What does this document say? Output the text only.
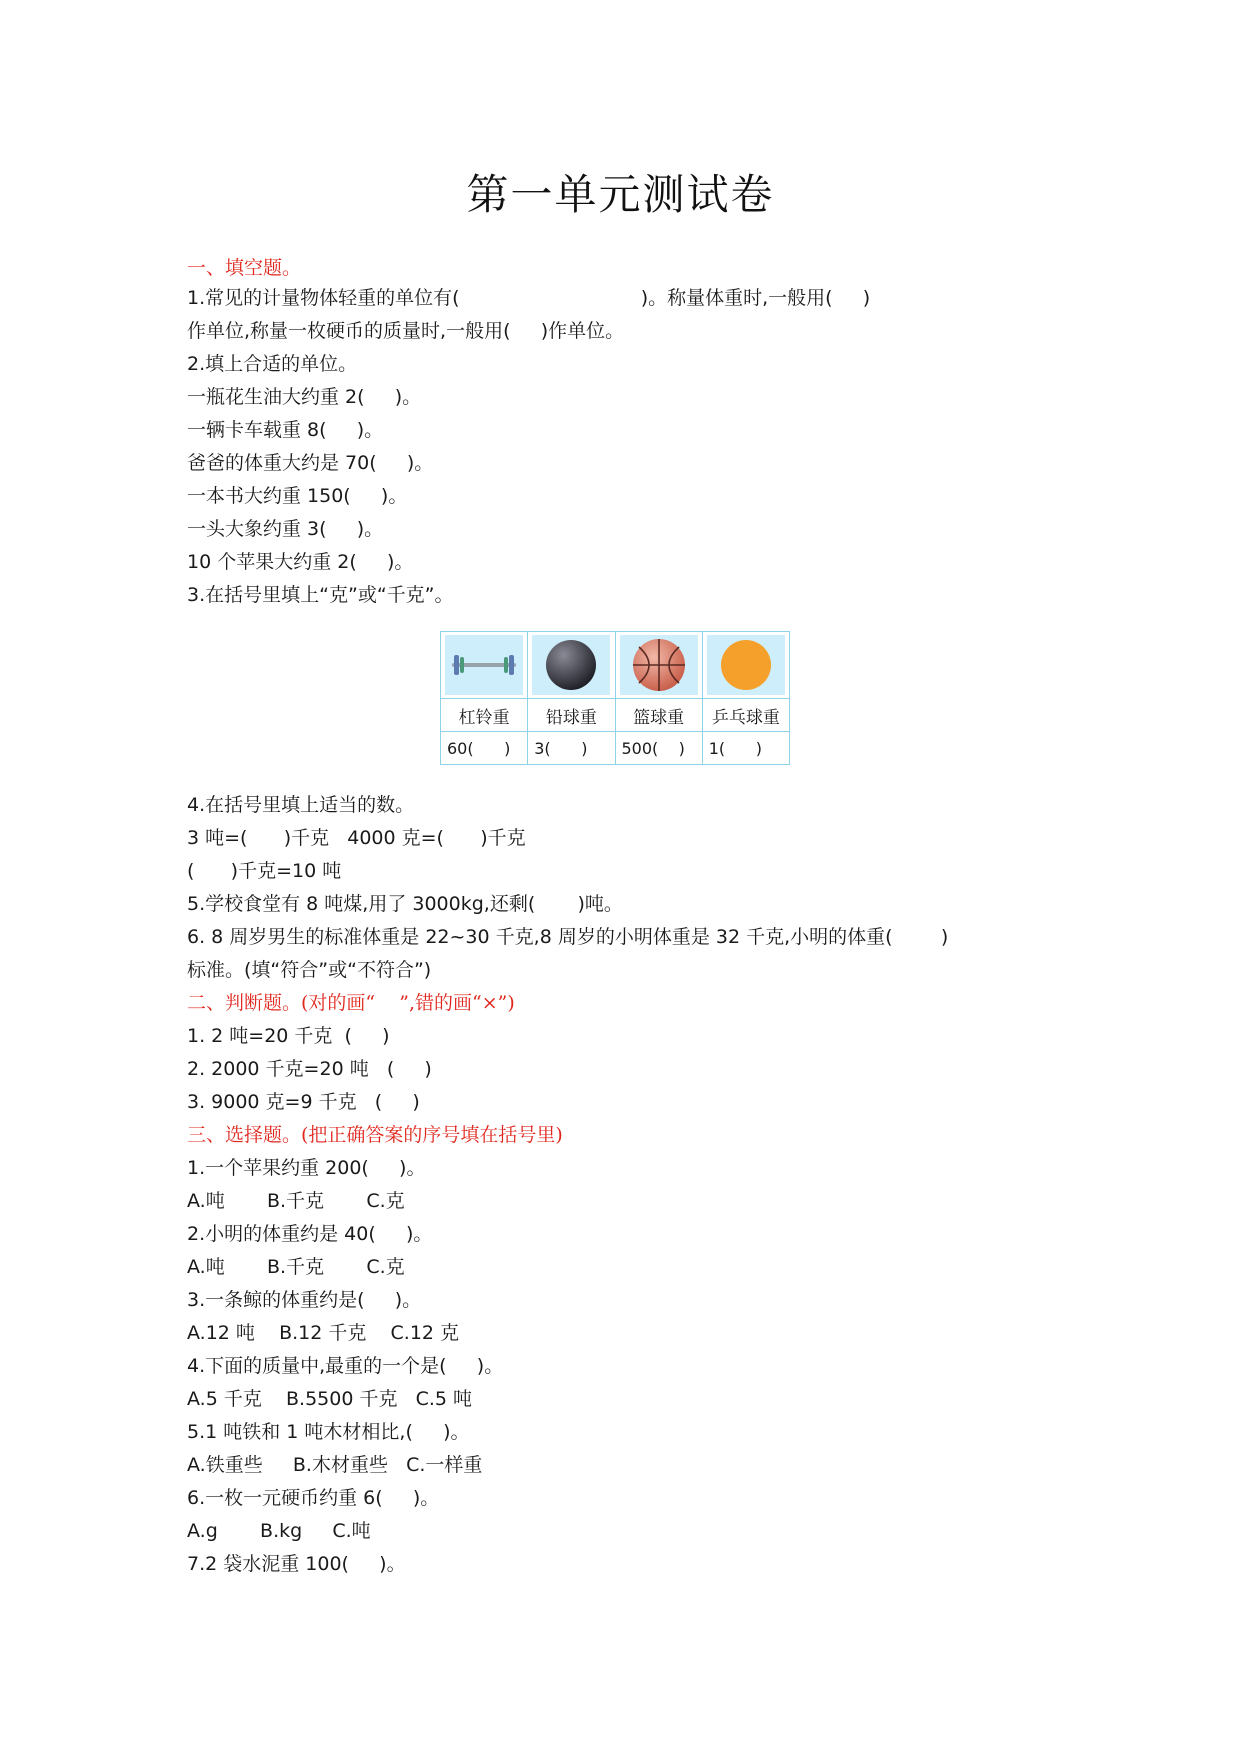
第一单元测试卷
一、填空题。
1.常见的计量物体轻重的单位有(                              )。称量体重时,一般用(     )
作单位,称量一枚硬币的质量时,一般用(     )作单位。
2.填上合适的单位。
一瓶花生油大约重 2(     )。
一辆卡车载重 8(     )。
爸爸的体重大约是 70(     )。
一本书大约重 150(     )。
一头大象约重 3(     )。
10 个苹果大约重 2(     )。
3.在括号里填上“克”或“千克”。

杠铃重	铅球重	篮球重	乒乓球重
60(      )	3(      )	500(    )	1(      )
4.在括号里填上适当的数。
3 吨=(      )千克   4000 克=(      )千克
(      )千克=10 吨
5.学校食堂有 8 吨煤,用了 3000kg,还剩(       )吨。
6. 8 周岁男生的标准体重是 22~30 千克,8 周岁的小明体重是 32 千克,小明的体重(        )
标准。(填“符合”或“不符合”)
二、判断题。(对的画“    ”,错的画“×”)
1. 2 吨=20 千克  (     )
2. 2000 千克=20 吨   (     )
3. 9000 克=9 千克   (     )
三、选择题。(把正确答案的序号填在括号里)
1.一个苹果约重 200(     )。
A.吨       B.千克       C.克
2.小明的体重约是 40(     )。
A.吨       B.千克       C.克
3.一条鲸的体重约是(     )。
A.12 吨    B.12 千克    C.12 克
4.下面的质量中,最重的一个是(     )。
A.5 千克    B.5500 千克   C.5 吨
5.1 吨铁和 1 吨木材相比,(     )。
A.铁重些     B.木材重些   C.一样重
6.一枚一元硬币约重 6(     )。
A.g       B.kg     C.吨
7.2 袋水泥重 100(     )。
